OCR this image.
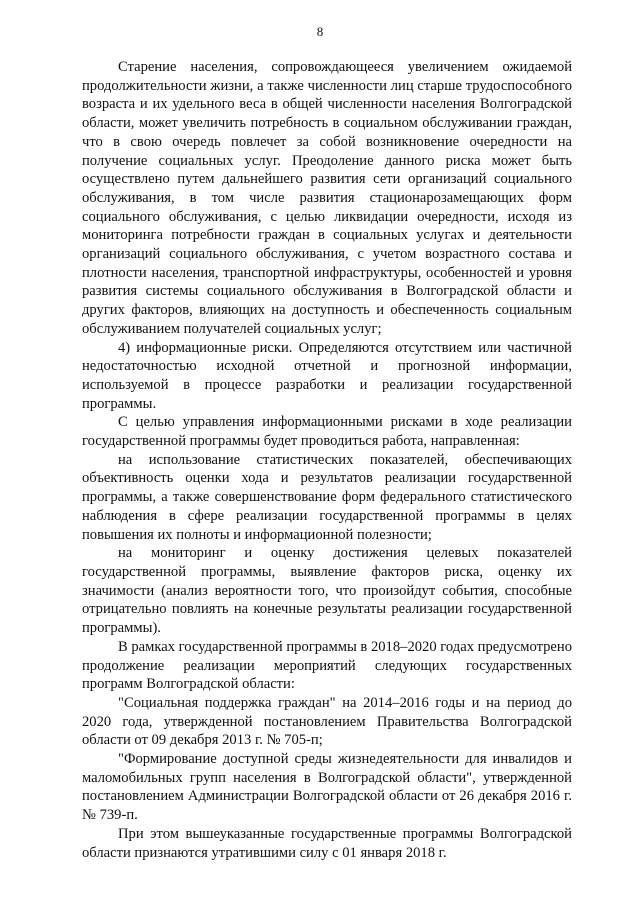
8

Старение населения, сопровождающееся увеличением ожидаемой продолжительности жизни, а также численности лиц старше трудоспособного возраста и их удельного веса в общей численности населения Волгоградской области, может увеличить потребность в социальном обслуживании граждан, что в свою очередь повлечет за собой возникновение очередности на получение социальных услуг. Преодоление данного риска может быть осуществлено путем дальнейшего развития сети организаций социального обслуживания, в том числе развития стационарозамещающих форм социального обслуживания, с целью ликвидации очередности, исходя из мониторинга потребности граждан в социальных услугах и деятельности организаций социального обслуживания, с учетом возрастного состава и плотности населения, транспортной инфраструктуры, особенностей и уровня развития системы социального обслуживания в Волгоградской области и других факторов, влияющих на доступность и обеспеченность социальным обслуживанием получателей социальных услуг;

4) информационные риски. Определяются отсутствием или частичной недостаточностью исходной отчетной и прогнозной информации, используемой в процессе разработки и реализации государственной программы.

С целью управления информационными рисками в ходе реализации государственной программы будет проводиться работа, направленная:

на использование статистических показателей, обеспечивающих объективность оценки хода и результатов реализации государственной программы, а также совершенствование форм федерального статистического наблюдения в сфере реализации государственной программы в целях повышения их полноты и информационной полезности;

на мониторинг и оценку достижения целевых показателей государственной программы, выявление факторов риска, оценку их значимости (анализ вероятности того, что произойдут события, способные отрицательно повлиять на конечные результаты реализации государственной программы).

В рамках государственной программы в 2018–2020 годах предусмотрено продолжение реализации мероприятий следующих государственных программ Волгоградской области:

"Социальная поддержка граждан" на 2014–2016 годы и на период до 2020 года, утвержденной постановлением Правительства Волгоградской области от 09 декабря 2013 г. № 705-п;

"Формирование доступной среды жизнедеятельности для инвалидов и маломобильных групп населения в Волгоградской области", утвержденной постановлением Администрации Волгоградской области от 26 декабря 2016 г. № 739-п.

При этом вышеуказанные государственные программы Волгоградской области признаются утратившими силу с 01 января 2018 г.
